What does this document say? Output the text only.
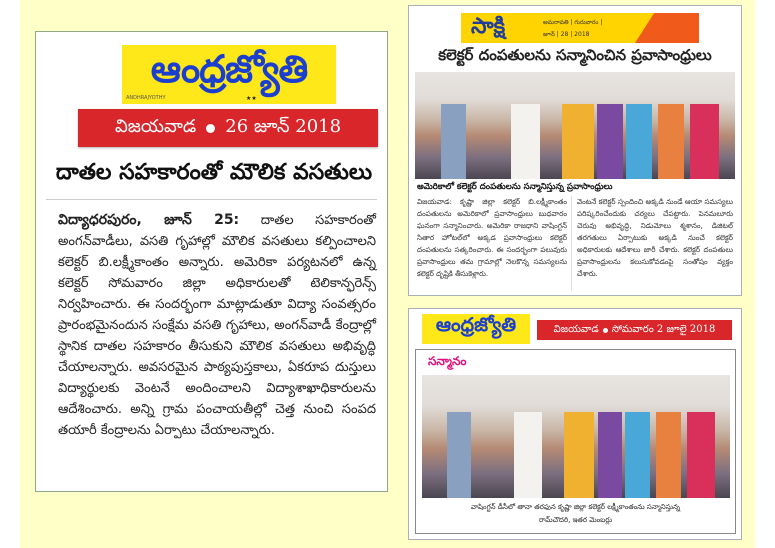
ఆంధ్రజ్యోతి
ANDHRAJYOTHY	★★
విజయవాడ 26 జూన్ 2018
దాతల సహకారంతో మౌలిక వసతులు
విద్యాధరపురం, జూన్ 25: దాతల సహకారంతో అంగన్‌వాడీలు, వసతి గృహాల్లో మౌలిక వసతులు కల్పించాలని కలెక్టర్ బి.లక్ష్మీకాంతం అన్నారు. అమెరికా పర్యటనలో ఉన్న కలెక్టర్ సోమవారం జిల్లా అధికారులతో టెలికాన్ఫరెన్స్ నిర్వహించారు. ఈ సందర్భంగా మాట్లాడుతూ విద్యా సంవత్సరం ప్రారంభమైనందున సంక్షేమ వసతి గృహాలు, అంగన్‌వాడీ కేంద్రాల్లో స్థానిక దాతల సహకారం తీసుకుని మౌలిక వసతులు అభివృద్ధి చేయాలన్నారు. అవసరమైన పాఠ్యపుస్తకాలు, ఏకరూప దుస్తులు విద్యార్థులకు వెంటనే అందించాలని విద్యాశాఖాధికారులను ఆదేశించారు. అన్ని గ్రామ పంచాయతీల్లో చెత్త నుంచి సంపద తయారీ కేంద్రాలను ఏర్పాటు చేయాలన్నారు.
సాక్షి	అమరావతి | గురువారం |
జూన్ | 28 | 2018
కలెక్టర్ దంపతులను సన్మానించిన ప్రవాసాంధ్రులు
అమెరికాలో కలెక్టర్ దంపతులను సన్మానిస్తున్న ప్రవాసాంధ్రులు
విజయవాడ: కృష్ణా జిల్లా కలెక్టర్ బి.లక్ష్మీకాంతం దంపతులను అమెరికాలో ప్రవాసాంధ్రులు బుధవారం ఘనంగా సన్మానించారు. అమెరికా రాజధాని వాషింగ్టన్ సితార హోటల్‌లో అక్కడ ప్రవాసాంధ్రులు కలెక్టర్ దంపతులను సత్కరించారు. ఈ సందర్భంగా పలువురు ప్రవాసాంధ్రులు తమ గ్రామాల్లో నెలకొన్న సమస్యలను కలెక్టర్ దృష్టికి తీసుకెళ్లారు.
వెంటనే కలెక్టర్ స్పందించి అక్కడి నుండే ఆయా సమస్యలు పరిష్కరించేందుకు చర్యలు చేపట్టారు. పెనమలూరు చెరువు అభివృద్ధి, నిడుమోలు శ్మశానం, డిజిటల్ తరగతులు ఏర్పాటుకు అక్కడి నుంచే కలెక్టర్ అధికారులకు ఆదేశాలు జారీ చేశారు. కలెక్టర్ దంపతులు ప్రవాసాంధ్రులను కలుసుకోవడంపై సంతోషం వ్యక్తం చేశారు.
ఆంధ్రజ్యోతి	విజయవాడ సోమవారం 2 జూలై 2018
సన్మానం
వాషింగ్టన్ డీసీలో తానా తరఫున కృష్ణా జిల్లా కలెక్టర్ లక్ష్మీకాంతంను సన్మానిస్తున్న
రామ్‌చౌదరి, ఇతర మెంబర్లు
